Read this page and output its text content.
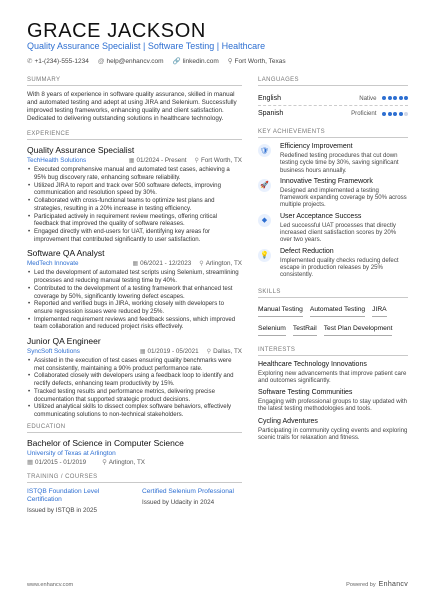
GRACE JACKSON
Quality Assurance Specialist | Software Testing | Healthcare
✆ +1-(234)-555-1234 @ help@enhancv.com 🔗 linkedin.com ⚲ Fort Worth, Texas
SUMMARY
With 8 years of experience in software quality assurance, skilled in manual and automated testing and adept at using JIRA and Selenium. Successfully improved testing frameworks, enhancing quality and client satisfaction. Dedicated to delivering outstanding solutions in healthcare technology.
EXPERIENCE
Quality Assurance Specialist
TechHealth Solutions	▦ 01/2024 - Present ⚲ Fort Worth, TX
• Executed comprehensive manual and automated test cases, achieving a 95% bug discovery rate, enhancing software reliability.
• Utilized JIRA to report and track over 500 software defects, improving communication and resolution speed by 30%.
• Collaborated with cross-functional teams to optimize test plans and strategies, resulting in a 20% increase in testing efficiency.
• Participated actively in requirement review meetings, offering critical feedback that improved the quality of software releases.
• Engaged directly with end-users for UAT, identifying key areas for improvement that contributed significantly to user satisfaction.
Software QA Analyst
MedTech Innovate	▦ 06/2021 - 12/2023 ⚲ Arlington, TX
• Led the development of automated test scripts using Selenium, streamlining processes and reducing manual testing time by 40%.
• Contributed to the development of a testing framework that enhanced test coverage by 50%, significantly lowering defect escapes.
• Reported and verified bugs in JIRA, working closely with developers to ensure regression issues were reduced by 25%.
• Implemented requirement reviews and feedback sessions, which improved team collaboration and reduced project risks effectively.
Junior QA Engineer
SyncSoft Solutions	▦ 01/2019 - 05/2021 ⚲ Dallas, TX
• Assisted in the execution of test cases ensuring quality benchmarks were met consistently, maintaining a 90% product performance rate.
• Collaborated closely with developers using a feedback loop to identify and rectify defects, enhancing team productivity by 15%.
• Tracked testing results and performance metrics, delivering precise documentation that supported strategic product decisions.
• Utilized analytical skills to dissect complex software behaviors, effectively communicating solutions to non-technical stakeholders.
EDUCATION
Bachelor of Science in Computer Science
University of Texas at Arlington
▦ 01/2015 - 01/2019	⚲ Arlington, TX
TRAINING / COURSES
ISTQB Foundation Level Certification
Issued by ISTQB in 2025
Certified Selenium Professional
Issued by Udacity in 2024
LANGUAGES
English	Native
Spanish	Proficient
KEY ACHIEVEMENTS
🛡
Efficiency Improvement
Redefined testing procedures that cut down testing cycle time by 30%, saving significant business hours annually.
🚀
Innovative Testing Framework
Designed and implemented a testing framework expanding coverage by 50% across multiple projects.
◆
User Acceptance Success
Led successful UAT processes that directly increased client satisfaction scores by 20% over two years.
💡
Defect Reduction
Implemented quality checks reducing defect escape in production releases by 25% consistently.
SKILLS
Manual Testing Automated Testing JIRA
Selenium TestRail Test Plan Development
INTERESTS
Healthcare Technology Innovations
Exploring new advancements that improve patient care and outcomes significantly.
Software Testing Communities
Engaging with professional groups to stay updated with the latest testing methodologies and tools.
Cycling Adventures
Participating in community cycling events and exploring scenic trails for relaxation and fitness.
www.enhancv.com	Powered by Enhancv
